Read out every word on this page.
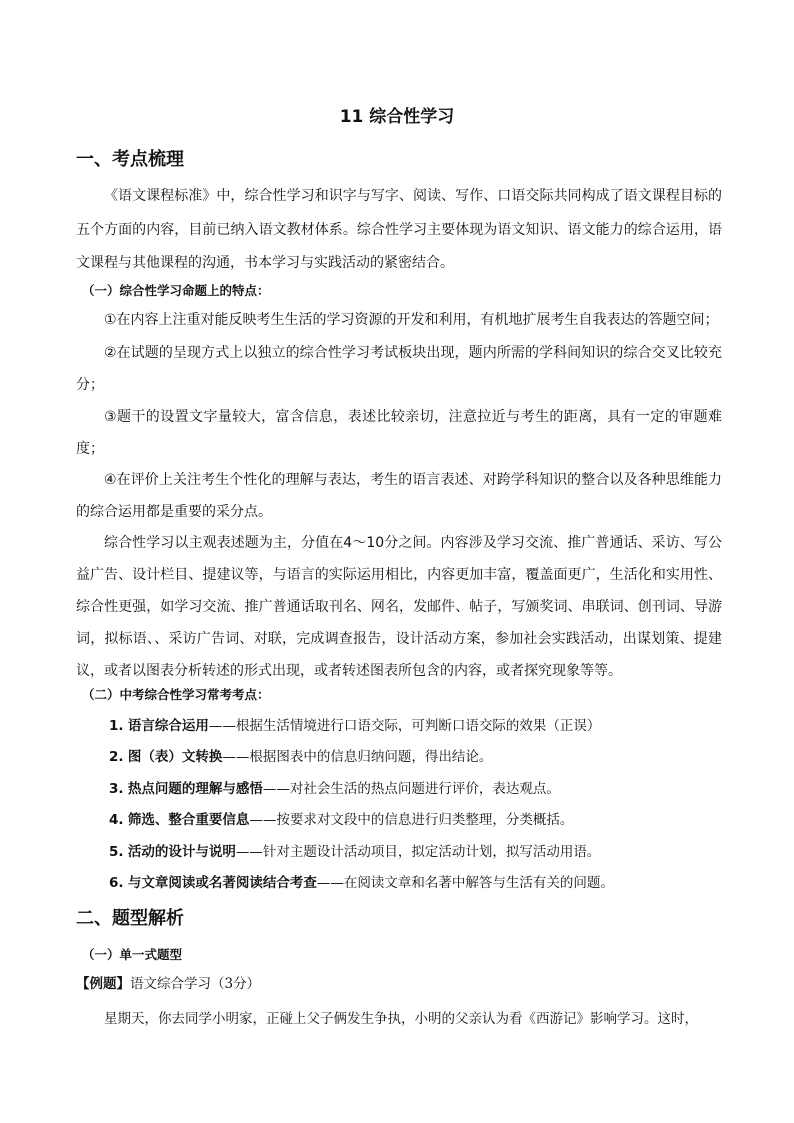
11 综合性学习
一、考点梳理

《语文课程标准》中，综合性学习和识字与写字、阅读、写作、口语交际共同构成了语文课程目标的五个方面的内容，目前已纳入语文教材体系。综合性学习主要体现为语文知识、语文能力的综合运用，语文课程与其他课程的沟通，书本学习与实践活动的紧密结合。

（一）综合性学习命题上的特点：

①在内容上注重对能反映考生生活的学习资源的开发和利用，有机地扩展考生自我表达的答题空间；

②在试题的呈现方式上以独立的综合性学习考试板块出现，题内所需的学科间知识的综合交叉比较充分；

③题干的设置文字量较大，富含信息，表述比较亲切，注意拉近与考生的距离，具有一定的审题难度；

④在评价上关注考生个性化的理解与表达，考生的语言表述、对跨学科知识的整合以及各种思维能力的综合运用都是重要的采分点。

综合性学习以主观表述题为主，分值在4～10分之间。内容涉及学习交流、推广普通话、采访、写公益广告、设计栏目、提建议等，与语言的实际运用相比，内容更加丰富，覆盖面更广，生活化和实用性、综合性更强，如学习交流、推广普通话取刊名、网名，发邮件、帖子，写颁奖词、串联词、创刊词、导游词，拟标语、、采访广告词、对联，完成调查报告，设计活动方案，参加社会实践活动，出谋划策、提建议，或者以图表分析转述的形式出现，或者转述图表所包含的内容，或者探究现象等等。

（二）中考综合性学习常考考点：
1. 语言综合运用——根据生活情境进行口语交际，可判断口语交际的效果（正误）
2. 图（表）文转换——根据图表中的信息归纳问题，得出结论。
3. 热点问题的理解与感悟——对社会生活的热点问题进行评价，表达观点。
4. 筛选、整合重要信息——按要求对文段中的信息进行归类整理，分类概括。
5. 活动的设计与说明——针对主题设计活动项目，拟定活动计划，拟写活动用语。
6. 与文章阅读或名著阅读结合考查——在阅读文章和名著中解答与生活有关的问题。
二、题型解析
（一）单一式题型
【例题】语文综合学习（3分）

星期天，你去同学小明家，正碰上父子俩发生争执，小明的父亲认为看《西游记》影响学习。这时，
